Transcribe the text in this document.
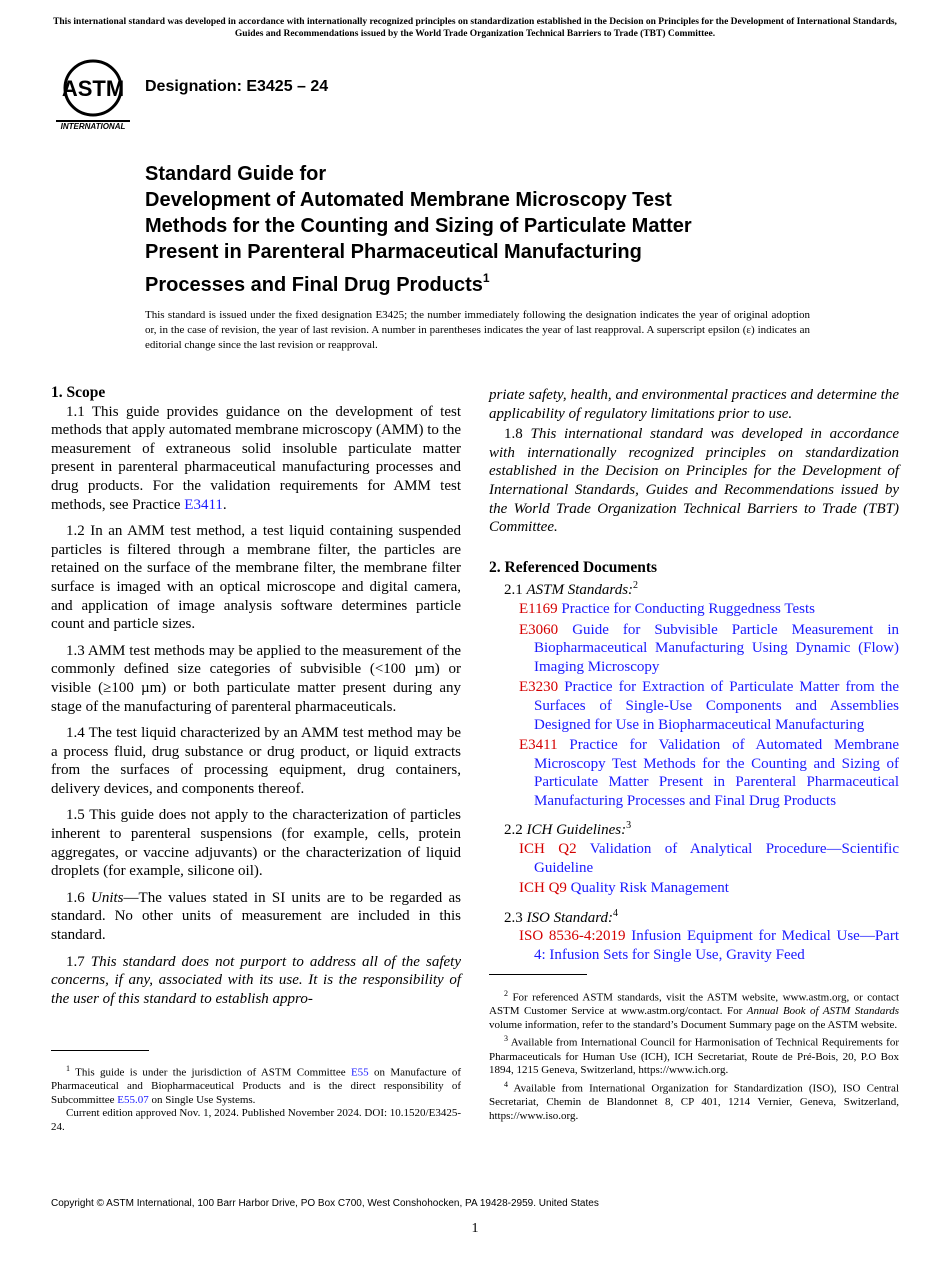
This international standard was developed in accordance with internationally recognized principles on standardization established in the Decision on Principles for the Development of International Standards, Guides and Recommendations issued by the World Trade Organization Technical Barriers to Trade (TBT) Committee.
ASTM
INTERNATIONAL
Designation: E3425 – 24
Standard Guide for
Development of Automated Membrane Microscopy Test
Methods for the Counting and Sizing of Particulate Matter
Present in Parenteral Pharmaceutical Manufacturing
Processes and Final Drug Products$^1$
This standard is issued under the fixed designation E3425; the number immediately following the designation indicates the year of original adoption or, in the case of revision, the year of last revision. A number in parentheses indicates the year of last reapproval. A superscript epsilon (ε) indicates an editorial change since the last revision or reapproval.

1. Scope

1.1 This guide provides guidance on the development of test methods that apply automated membrane microscopy (AMM) to the measurement of extraneous solid insoluble particulate matter present in parenteral pharmaceutical manufacturing processes and drug products. For the validation requirements for AMM test methods, see Practice E3411.

1.2 In an AMM test method, a test liquid containing suspended particles is filtered through a membrane filter, the particles are retained on the surface of the membrane filter, the membrane filter surface is imaged with an optical microscope and digital camera, and application of image analysis software determines particle count and particle sizes.

1.3 AMM test methods may be applied to the measurement of the commonly defined size categories of subvisible (<100 µm) or visible (≥100 µm) or both particulate matter present during any stage of the manufacturing of parenteral pharmaceuticals.

1.4 The test liquid characterized by an AMM test method may be a process fluid, drug substance or drug product, or liquid extracts from the surfaces of processing equipment, drug containers, delivery devices, and components thereof.

1.5 This guide does not apply to the characterization of particles inherent to parenteral suspensions (for example, cells, protein aggregates, or vaccine adjuvants) or the characterization of liquid droplets (for example, silicone oil).

1.6 Units—The values stated in SI units are to be regarded as standard. No other units of measurement are included in this standard.

1.7 This standard does not purport to address all of the safety concerns, if any, associated with its use. It is the responsibility of the user of this standard to establish appro-

priate safety, health, and environmental practices and determine the applicability of regulatory limitations prior to use.

1.8 This international standard was developed in accordance with internationally recognized principles on standardization established in the Decision on Principles for the Development of International Standards, Guides and Recommendations issued by the World Trade Organization Technical Barriers to Trade (TBT) Committee.

2. Referenced Documents

2.1 ASTM Standards:$^2$

E1169 Practice for Conducting Ruggedness Tests

E3060 Guide for Subvisible Particle Measurement in Biopharmaceutical Manufacturing Using Dynamic (Flow) Imaging Microscopy

E3230 Practice for Extraction of Particulate Matter from the Surfaces of Single-Use Components and Assemblies Designed for Use in Biopharmaceutical Manufacturing

E3411 Practice for Validation of Automated Membrane Microscopy Test Methods for the Counting and Sizing of Particulate Matter Present in Parenteral Pharmaceutical Manufacturing Processes and Final Drug Products

2.2 ICH Guidelines:$^3$

ICH Q2 Validation of Analytical Procedure—Scientific Guideline

ICH Q9 Quality Risk Management

2.3 ISO Standard:$^4$

ISO 8536-4:2019 Infusion Equipment for Medical Use—Part 4: Infusion Sets for Single Use, Gravity Feed

$^1$ This guide is under the jurisdiction of ASTM Committee E55 on Manufacture of Pharmaceutical and Biopharmaceutical Products and is the direct responsibility of Subcommittee E55.07 on Single Use Systems.

Current edition approved Nov. 1, 2024. Published November 2024. DOI: 10.1520/E3425-24.

$^2$ For referenced ASTM standards, visit the ASTM website, www.astm.org, or contact ASTM Customer Service at www.astm.org/contact. For Annual Book of ASTM Standards volume information, refer to the standard’s Document Summary page on the ASTM website.

$^3$ Available from International Council for Harmonisation of Technical Requirements for Pharmaceuticals for Human Use (ICH), ICH Secretariat, Route de Pré-Bois, 20, P.O Box 1894, 1215 Geneva, Switzerland, https://www.ich.org.

$^4$ Available from International Organization for Standardization (ISO), ISO Central Secretariat, Chemin de Blandonnet 8, CP 401, 1214 Vernier, Geneva, Switzerland, https://www.iso.org.

Copyright © ASTM International, 100 Barr Harbor Drive, PO Box C700, West Conshohocken, PA 19428-2959. United States
1
